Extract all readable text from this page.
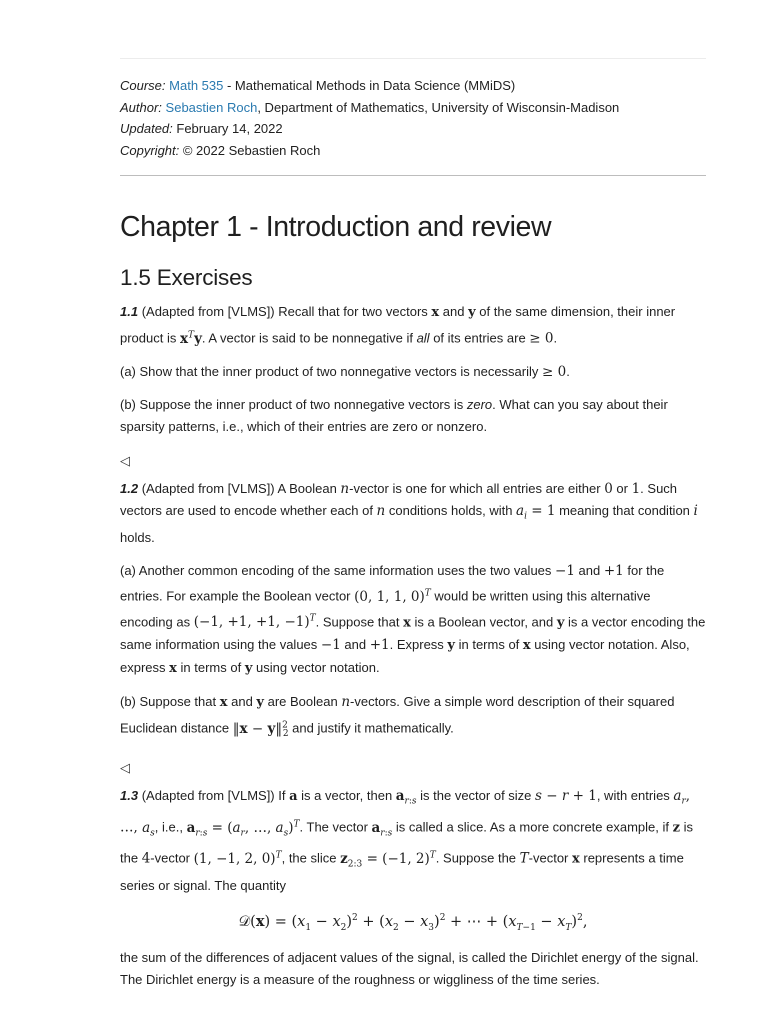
Course: Math 535 - Mathematical Methods in Data Science (MMiDS)
Author: Sebastien Roch, Department of Mathematics, University of Wisconsin-Madison
Updated: February 14, 2022
Copyright: © 2022 Sebastien Roch
Chapter 1 - Introduction and review
1.5 Exercises

1.1 (Adapted from [VLMS]) Recall that for two vectors x and y of the same dimension, their inner product is $x^Ty$. A vector is said to be nonnegative if all of its entries are ≥ 0.

(a) Show that the inner product of two nonnegative vectors is necessarily ≥ 0.

(b) Suppose the inner product of two nonnegative vectors is zero. What can you say about their sparsity patterns, i.e., which of their entries are zero or nonzero.

◁

1.2 (Adapted from [VLMS]) A Boolean n-vector is one for which all entries are either 0 or 1. Such vectors are used to encode whether each of n conditions holds, with $a_i = 1$ meaning that condition i holds.

(a) Another common encoding of the same information uses the two values −1 and +1 for the entries. For example the Boolean vector (0, 1, 1, 0)$^T$ would be written using this alternative encoding as (−1, +1, +1, −1)$^T$. Suppose that x is a Boolean vector, and y is a vector encoding the same information using the values −1 and +1. Express y in terms of x using vector notation. Also, express x in terms of y using vector notation.

(b) Suppose that x and y are Boolean n-vectors. Give a simple word description of their squared Euclidean distance ‖x − y‖$^2_2$ and justify it mathematically.

◁

1.3 (Adapted from [VLMS]) If a is a vector, then $a_{r:s}$ is the vector of size s − r + 1, with entries $a_r$, …, $a_s$, i.e., $a_{r:s} = (a_r$, …, $a_s)^T$. The vector $a_{r:s}$ is called a slice. As a more concrete example, if z is the 4-vector (1, −1, 2, 0)$^T$, the slice $z_{2:3} = (-1$, 2)$^T$. Suppose the T-vector x represents a time series or signal. The quantity

𝒟(x) = $(x_1 - x_2)^2 + (x_2 - x_3)^2$ + ⋯ + $(x_{T-1} - x_T)^2$,

the sum of the differences of adjacent values of the signal, is called the Dirichlet energy of the signal. The Dirichlet energy is a measure of the roughness or wiggliness of the time series.
